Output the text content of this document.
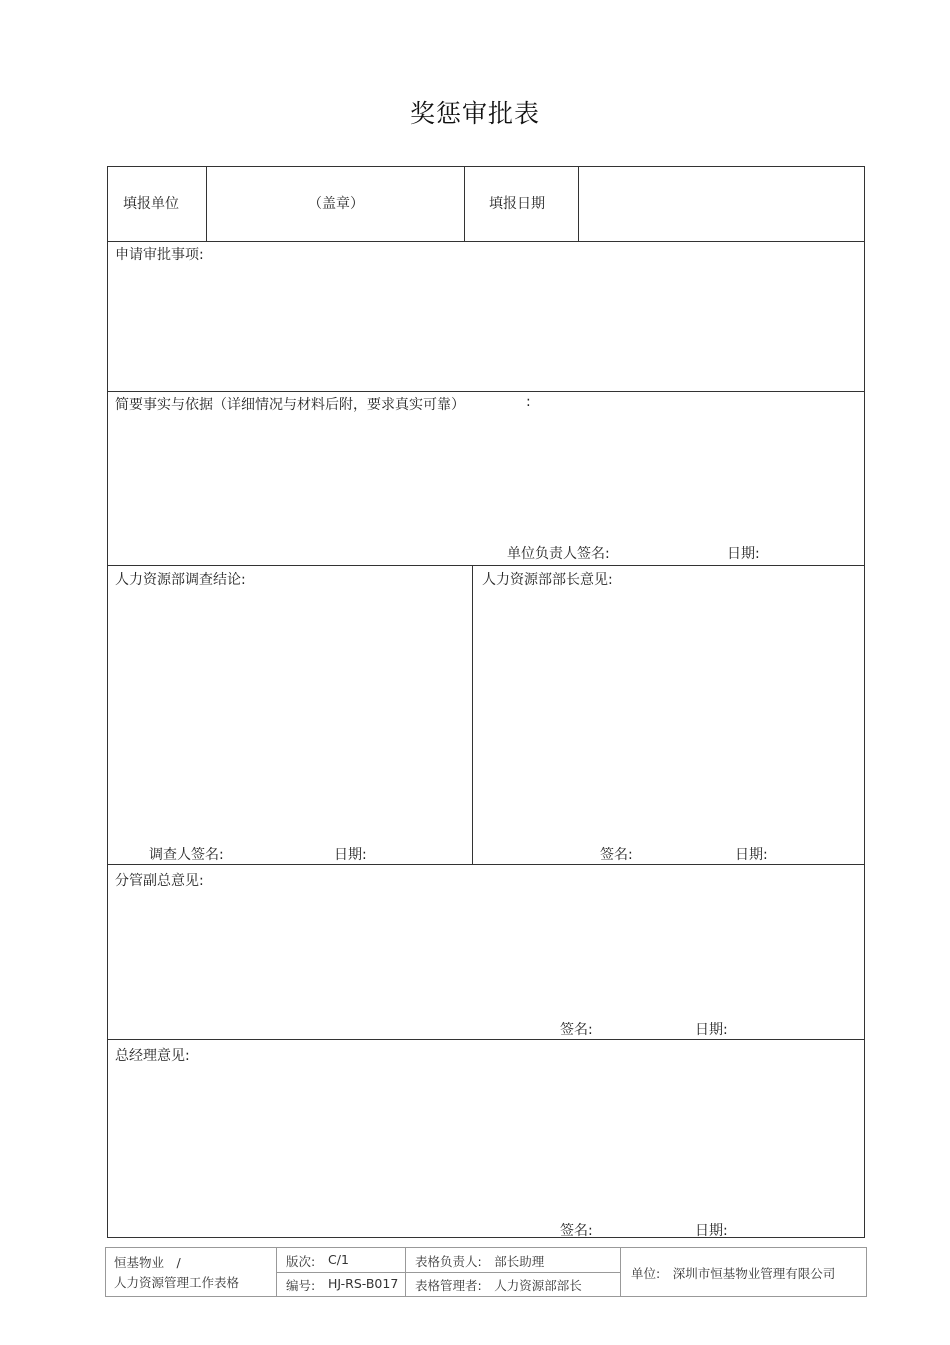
奖惩审批表
填报单位	（盖章）	填报日期
申请审批事项:
简要事实与依据（详细情况与材料后附，要求真实可靠）	:
单位负责人签名:	日期:
人力资源部调查结论:
调查人签名:	日期:
人力资源部部长意见:
签名:	日期:
分管副总意见:
签名:	日期:
总经理意见:
签名:	日期:
恒基物业　/
人力资源管理工作表格
版次: C/1
编号: HJ-RS-B017
表格负责人:　部长助理
表格管理者:　人力资源部部长
单位:　深圳市恒基物业管理有限公司
